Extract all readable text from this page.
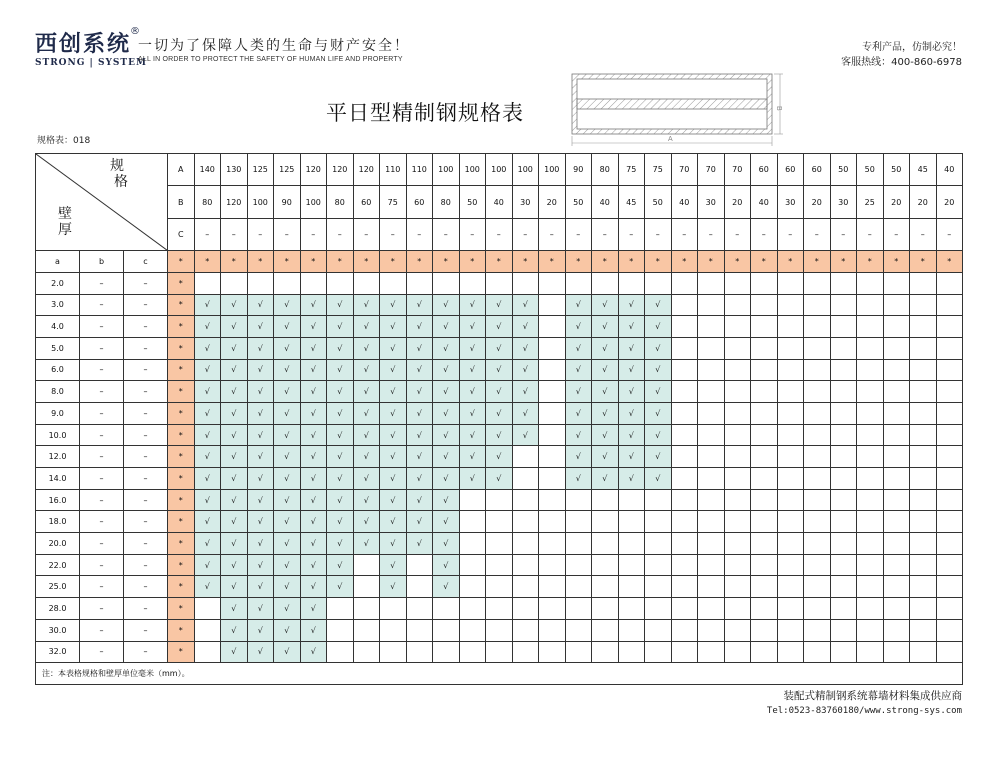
西创系统
®
STRONG | SYSTEM
一切为了保障人类的生命与财产安全！
ALL IN ORDER TO PROTECT THE SAFETY OF HUMAN LIFE AND PROPERTY
专利产品，仿制必究！
客服热线：400-860-6978
A
B
平日型精制钢规格表
规格表：018
规
格
壁
厚			A	140	130	125	125	120	120	120	110	110	100	100	100	100	100	90	80	75	75	70	70	70	60	60	60	50	50	50	45	40
			B	80	120	100	90	100	80	60	75	60	80	50	40	30	20	50	40	45	50	40	30	20	40	30	20	30	25	20	20	20
			C	–	–	–	–	–	–	–	–	–	–	–	–	–	–	–	–	–	–	–	–	–	–	–	–	–	–	–	–	–
a	b	c	*	*	*	*	*	*	*	*	*	*	*	*	*	*	*	*	*	*	*	*	*	*	*	*	*	*	*	*	*	*
2.0	–	–	*																													
3.0	–	–	*	√	√	√	√	√	√	√	√	√	√	√	√	√		√	√	√	√											
4.0	–	–	*	√	√	√	√	√	√	√	√	√	√	√	√	√		√	√	√	√											
5.0	–	–	*	√	√	√	√	√	√	√	√	√	√	√	√	√		√	√	√	√											
6.0	–	–	*	√	√	√	√	√	√	√	√	√	√	√	√	√		√	√	√	√											
8.0	–	–	*	√	√	√	√	√	√	√	√	√	√	√	√	√		√	√	√	√											
9.0	–	–	*	√	√	√	√	√	√	√	√	√	√	√	√	√		√	√	√	√											
10.0	–	–	*	√	√	√	√	√	√	√	√	√	√	√	√	√		√	√	√	√											
12.0	–	–	*	√	√	√	√	√	√	√	√	√	√	√	√			√	√	√	√											
14.0	–	–	*	√	√	√	√	√	√	√	√	√	√	√	√			√	√	√	√											
16.0	–	–	*	√	√	√	√	√	√	√	√	√	√																			
18.0	–	–	*	√	√	√	√	√	√	√	√	√	√																			
20.0	–	–	*	√	√	√	√	√	√	√	√	√	√																			
22.0	–	–	*	√	√	√	√	√	√		√		√																			
25.0	–	–	*	√	√	√	√	√	√		√		√																			
28.0	–	–	*		√	√	√	√																								
30.0	–	–	*		√	√	√	√																								
32.0	–	–	*		√	√	√	√																								
注：本表格规格和壁厚单位毫米（mm）。																																
装配式精制钢系统幕墙材料集成供应商
Tel:0523-83760180/www.strong-sys.com
